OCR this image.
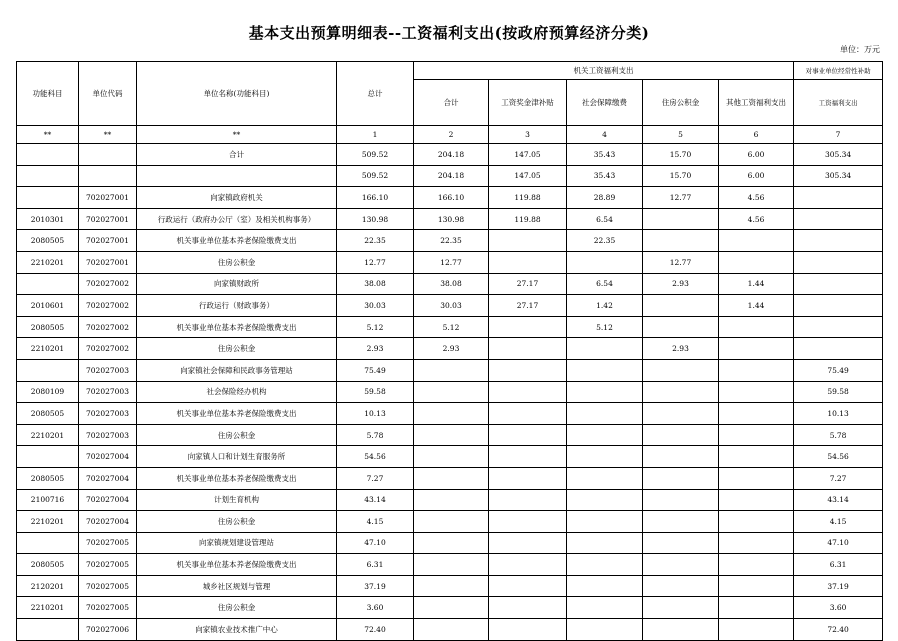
基本支出预算明细表--工资福利支出(按政府预算经济分类)
单位：万元
功能科目	单位代码	单位名称(功能科目)	总计	机关工资福利支出					对事业单位经常性补助
				合计	工资奖金津补贴	社会保障缴费	住房公积金	其他工资福利支出	工资福利支出
**	**	**	1	2	3	4	5	6	7
		合计	509.52	204.18	147.05	35.43	15.70	6.00	305.34
			509.52	204.18	147.05	35.43	15.70	6.00	305.34
	702027001	向家镇政府机关	166.10	166.10	119.88	28.89	12.77	4.56	
2010301	702027001	行政运行（政府办公厅（室）及相关机构事务）	130.98	130.98	119.88	6.54		4.56	
2080505	702027001	机关事业单位基本养老保险缴费支出	22.35	22.35		22.35			
2210201	702027001	住房公积金	12.77	12.77			12.77		
	702027002	向家镇财政所	38.08	38.08	27.17	6.54	2.93	1.44	
2010601	702027002	行政运行（财政事务）	30.03	30.03	27.17	1.42		1.44	
2080505	702027002	机关事业单位基本养老保险缴费支出	5.12	5.12		5.12			
2210201	702027002	住房公积金	2.93	2.93			2.93		
	702027003	向家镇社会保障和民政事务管理站	75.49						75.49
2080109	702027003	社会保险经办机构	59.58						59.58
2080505	702027003	机关事业单位基本养老保险缴费支出	10.13						10.13
2210201	702027003	住房公积金	5.78						5.78
	702027004	向家镇人口和计划生育服务所	54.56						54.56
2080505	702027004	机关事业单位基本养老保险缴费支出	7.27						7.27
2100716	702027004	计划生育机构	43.14						43.14
2210201	702027004	住房公积金	4.15						4.15
	702027005	向家镇规划建设管理站	47.10						47.10
2080505	702027005	机关事业单位基本养老保险缴费支出	6.31						6.31
2120201	702027005	城乡社区规划与管理	37.19						37.19
2210201	702027005	住房公积金	3.60						3.60
	702027006	向家镇农业技术推广中心	72.40						72.40
